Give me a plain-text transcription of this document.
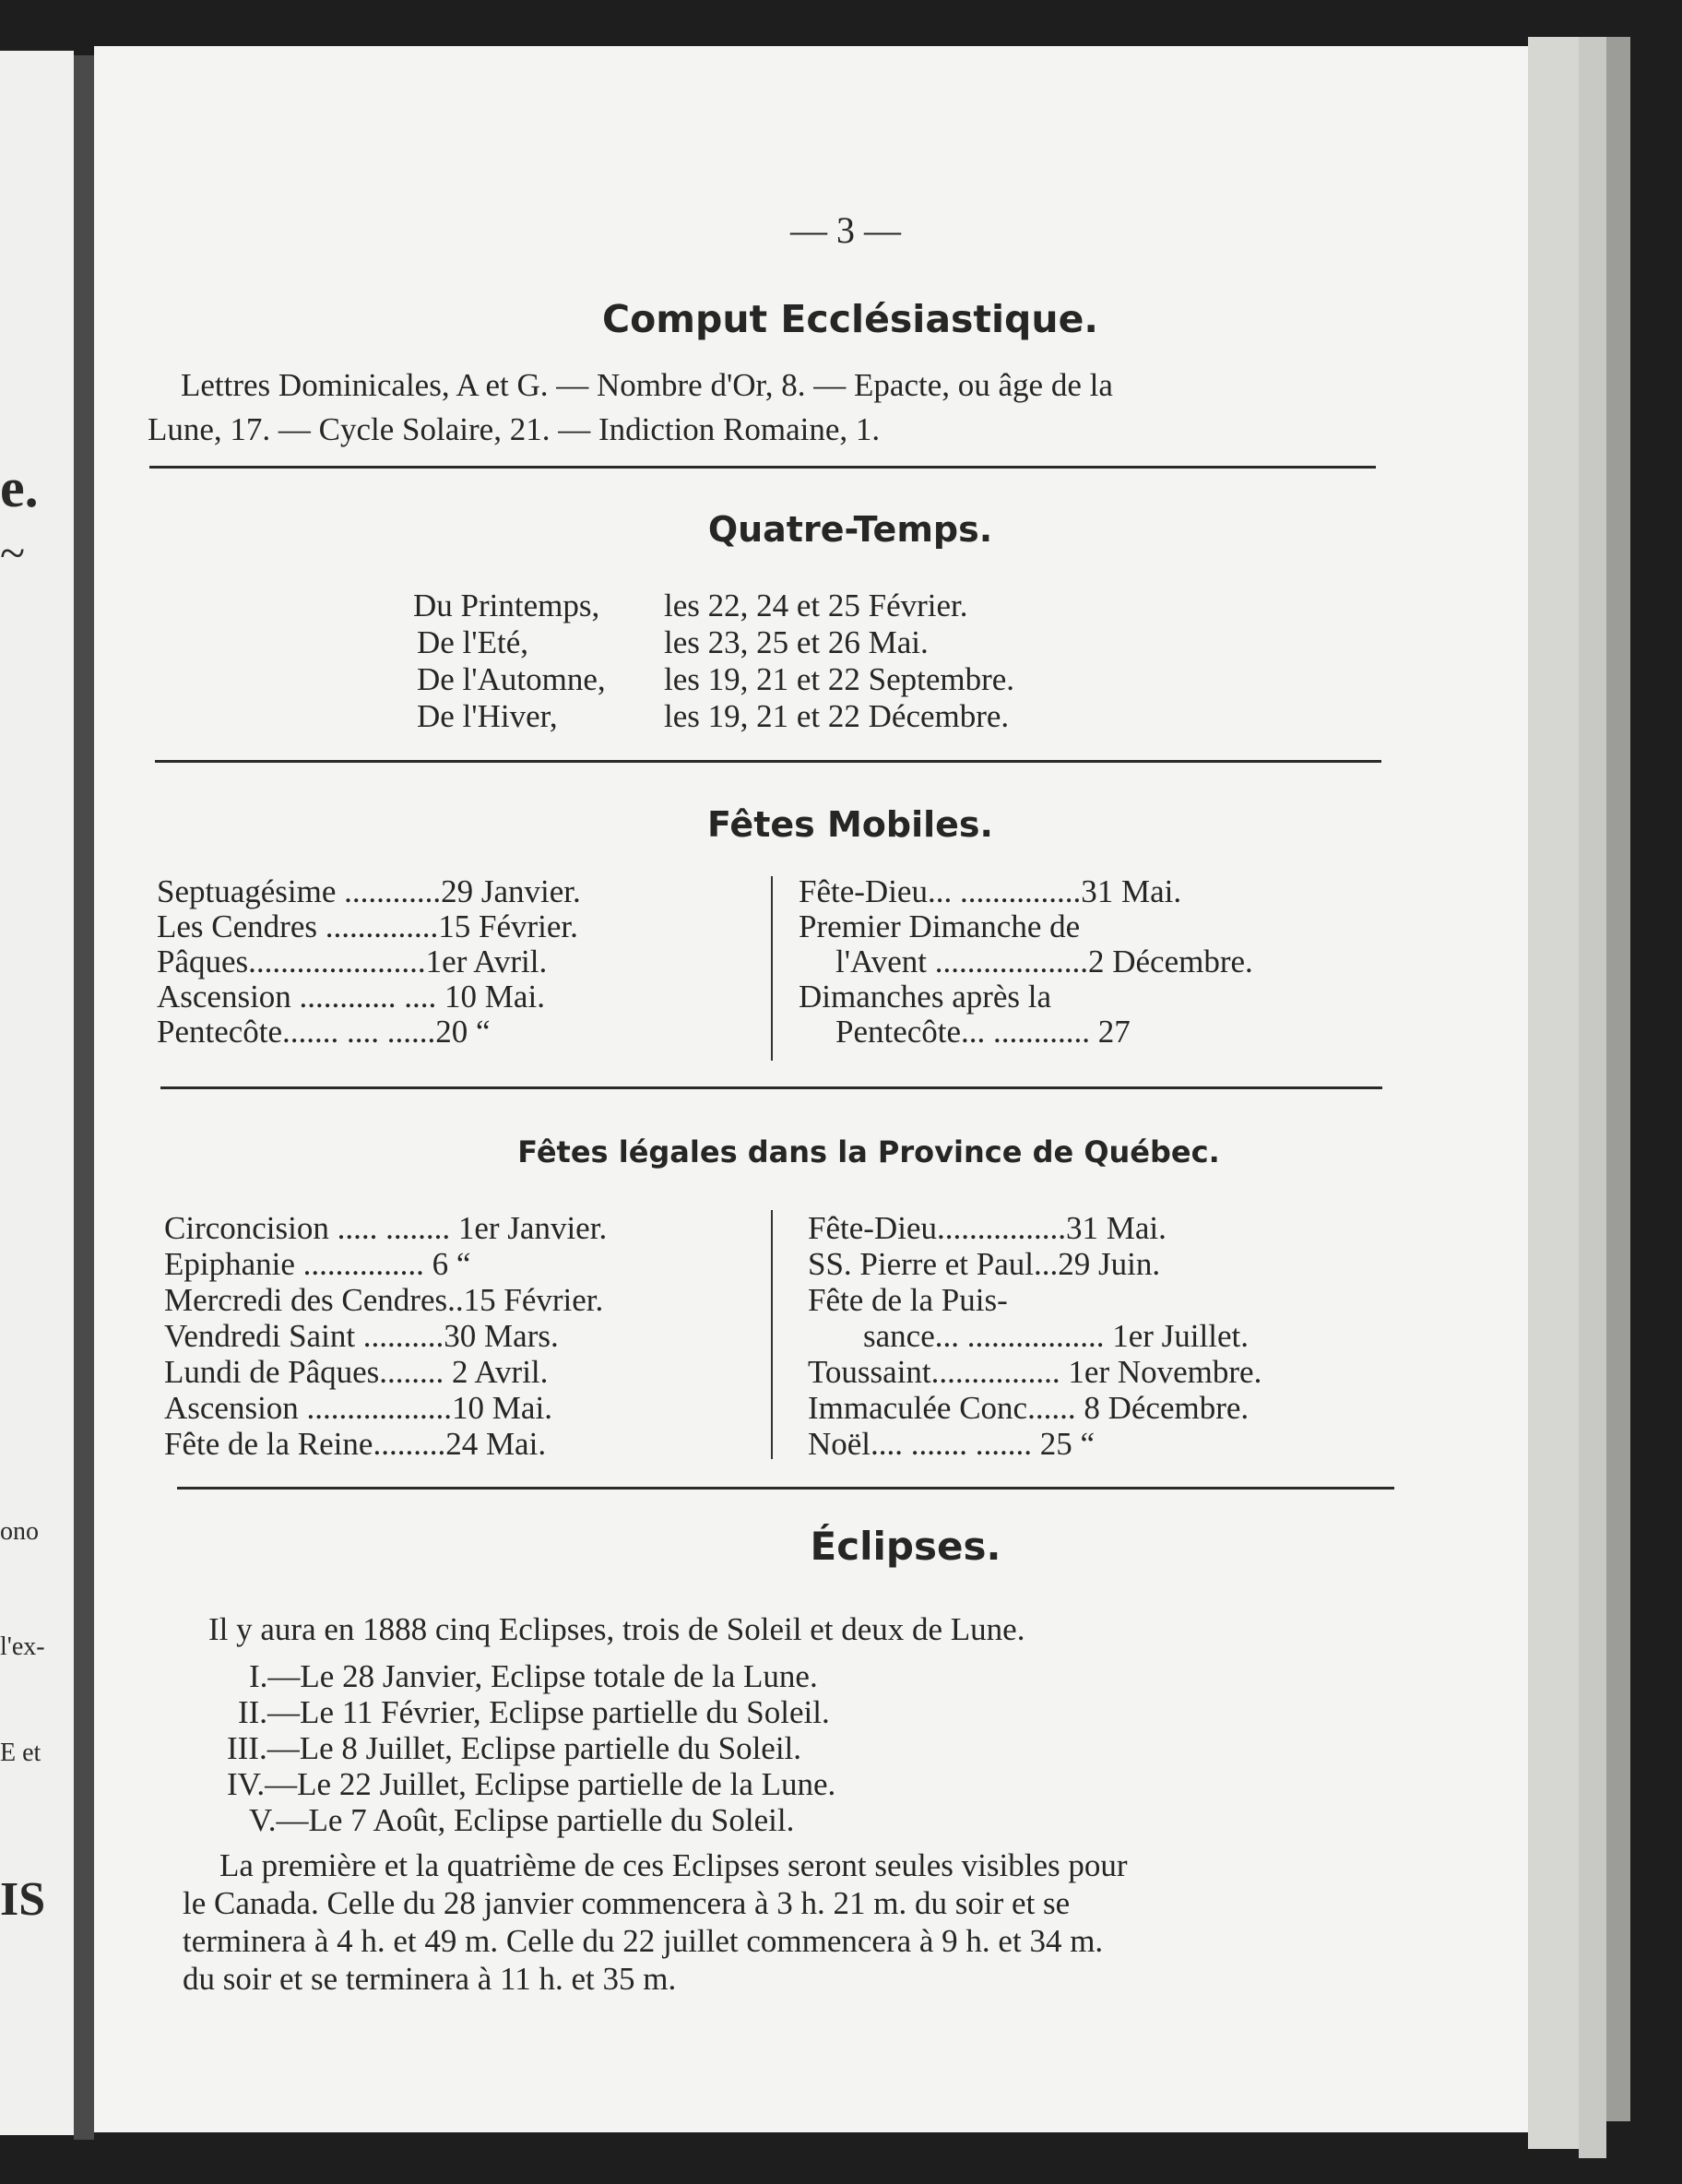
e.
~
ono
l'ex-
E et
IS
— 3 —
Comput Ecclésiastique.
Lettres Dominicales, A et G. — Nombre d'Or, 8. — Epacte, ou âge de la
Lune, 17. — Cycle Solaire, 21. — Indiction Romaine, 1.
Quatre-Temps.
Du Printemps, les 22, 24 et 25 Février.
De l'Eté,	les 23, 25 et 26 Mai.
De l'Automne, les 19, 21 et 22 Septembre.
De l'Hiver,	les 19, 21 et 22 Décembre.
Fêtes Mobiles.
Septuagésime ............29 Janvier.
Les Cendres ..............15 Février.
Pâques......................1er Avril.
Ascension ............ .... 10 Mai.
Pentecôte....... .... ......20 “
Fête-Dieu... ...............31 Mai.
Premier Dimanche de
l'Avent ...................2 Décembre.
Dimanches après la
Pentecôte... ............ 27
Fêtes légales dans la Province de Québec.
Circoncision ..... ........ 1er Janvier.
Epiphanie ............... 6 “
Mercredi des Cendres..15 Février.
Vendredi Saint ..........30 Mars.
Lundi de Pâques........ 2 Avril.
Ascension ..................10 Mai.
Fête de la Reine.........24 Mai.
Fête-Dieu................31 Mai.
SS. Pierre et Paul...29 Juin.
Fête de la Puis-
sance... ................. 1er Juillet.
Toussaint................ 1er Novembre.
Immaculée Conc...... 8 Décembre.
Noël.... ....... ....... 25 “
Éclipses.
Il y aura en 1888 cinq Eclipses, trois de Soleil et deux de Lune.
I.—Le 28 Janvier, Eclipse totale de la Lune.
II.—Le 11 Février, Eclipse partielle du Soleil.
III.—Le 8 Juillet, Eclipse partielle du Soleil.
IV.—Le 22 Juillet, Eclipse partielle de la Lune.
V.—Le 7 Août, Eclipse partielle du Soleil.
La première et la quatrième de ces Eclipses seront seules visibles pour
le Canada. Celle du 28 janvier commencera à 3 h. 21 m. du soir et se
terminera à 4 h. et 49 m. Celle du 22 juillet commencera à 9 h. et 34 m.
du soir et se terminera à 11 h. et 35 m.
